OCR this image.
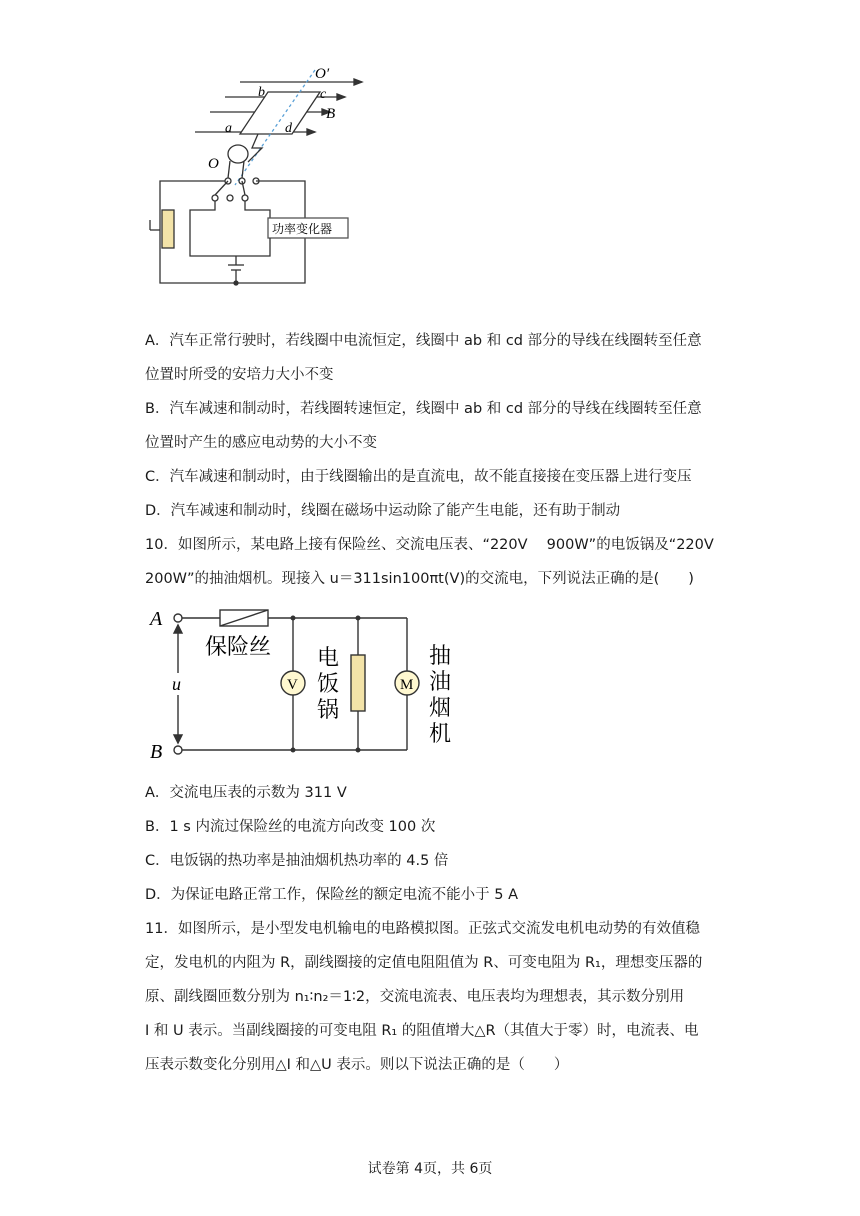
O′
b	c
B
a	d
O
功率变化器
A．汽车正常行驶时，若线圈中电流恒定，线圈中 ab 和 cd 部分的导线在线圈转至任意
位置时所受的安培力大小不变
B．汽车减速和制动时，若线圈转速恒定，线圈中 ab 和 cd 部分的导线在线圈转至任意
位置时产生的感应电动势的大小不变
C．汽车减速和制动时，由于线圈输出的是直流电，故不能直接接在变压器上进行变压
D．汽车减速和制动时，线圈在磁场中运动除了能产生电能，还有助于制动
10．如图所示，某电路上接有保险丝、交流电压表、“220V　 900W”的电饭锅及“220V
200W”的抽油烟机。现接入 u＝311sin100πt(V)的交流电，下列说法正确的是(　　)
A
B
u
保险丝
V	M
电
饭
锅
抽
油
烟
机
A．交流电压表的示数为 311 V
B．1 s 内流过保险丝的电流方向改变 100 次
C．电饭锅的热功率是抽油烟机热功率的 4.5 倍
D．为保证电路正常工作，保险丝的额定电流不能小于 5 A
11．如图所示，是小型发电机输电的电路模拟图。正弦式交流发电机电动势的有效值稳
定，发电机的内阻为 R，副线圈接的定值电阻阻值为 R、可变电阻为 R₁，理想变压器的
原、副线圈匝数分别为 n₁∶n₂＝1∶2，交流电流表、电压表均为理想表，其示数分别用
I 和 U 表示。当副线圈接的可变电阻 R₁ 的阻值增大△R（其值大于零）时，电流表、电
压表示数变化分别用△I 和△U 表示。则以下说法正确的是（　　）
试卷第 4页，共 6页
